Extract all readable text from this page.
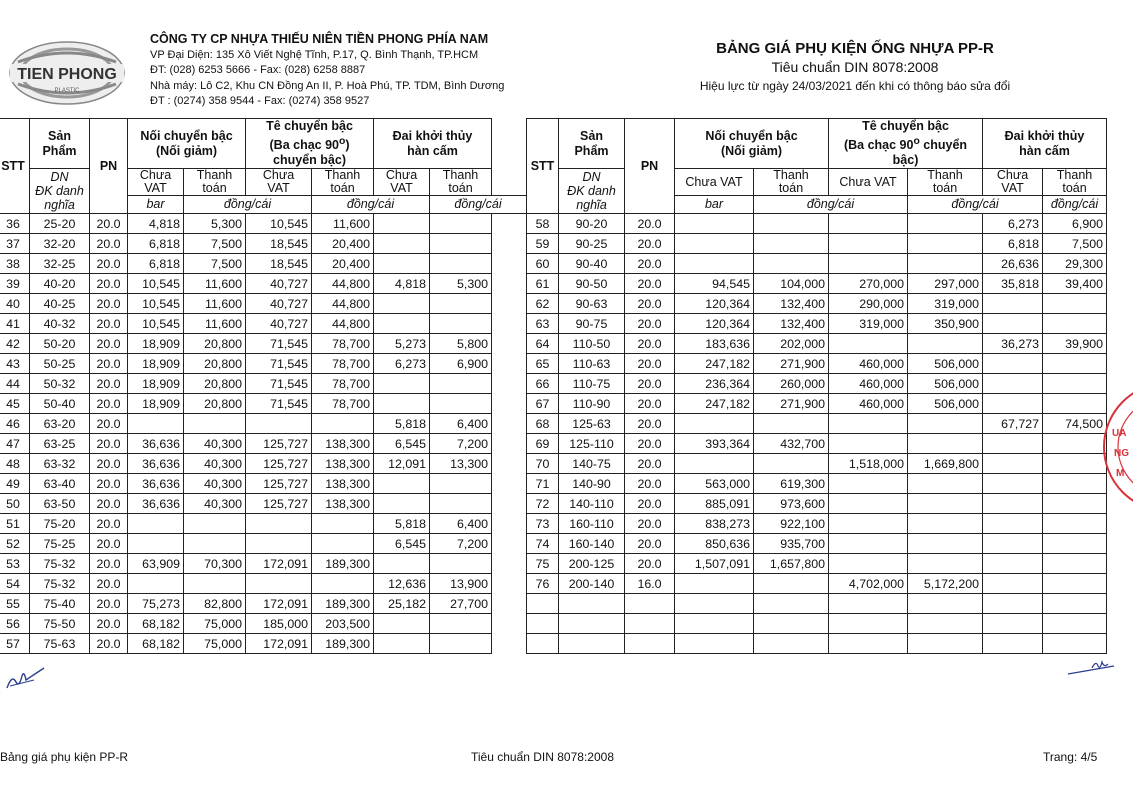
TIEN PHONG
PLASTIC
CÔNG TY CP NHỰA THIẾU NIÊN TIỀN PHONG PHÍA NAM
VP Đại Diện: 135 Xô Viết Nghệ Tĩnh, P.17, Q. Bình Thạnh, TP.HCM
ĐT: (028) 6253 5666 - Fax: (028) 6258 8887
Nhà máy: Lô C2, Khu CN Đồng An II, P. Hoà Phú, TP. TDM, Bình Dương
ĐT : (0274) 358 9544 - Fax: (0274) 358 9527
BẢNG GIÁ PHỤ KIỆN ỐNG NHỰA PP-R
Tiêu chuẩn DIN 8078:2008
Hiệu lực từ ngày 24/03/2021 đến khi có thông báo sửa đổi
STT	Sản Phẩm	PN	Nối chuyển bậc
(Nối giảm)		Tê chuyển bậc
(Ba chạc 90$^o$)
chuyển bậc)		Đai khởi thủy
hàn cấm	
	DN
ĐK danh
nghĩa		Chưa
VAT	Thanh
toán	Chưa
VAT	Thanh
toán	Chưa
VAT	Thanh
toán
			bar	đồng/cái		đồng/cái		đồng/cái
36	25-20	20.0	4,818	5,300	10,545	11,600		
37	32-20	20.0	6,818	7,500	18,545	20,400		
38	32-25	20.0	6,818	7,500	18,545	20,400		
39	40-20	20.0	10,545	11,600	40,727	44,800	4,818	5,300
40	40-25	20.0	10,545	11,600	40,727	44,800		
41	40-32	20.0	10,545	11,600	40,727	44,800		
42	50-20	20.0	18,909	20,800	71,545	78,700	5,273	5,800
43	50-25	20.0	18,909	20,800	71,545	78,700	6,273	6,900
44	50-32	20.0	18,909	20,800	71,545	78,700		
45	50-40	20.0	18,909	20,800	71,545	78,700		
46	63-20	20.0					5,818	6,400
47	63-25	20.0	36,636	40,300	125,727	138,300	6,545	7,200
48	63-32	20.0	36,636	40,300	125,727	138,300	12,091	13,300
49	63-40	20.0	36,636	40,300	125,727	138,300		
50	63-50	20.0	36,636	40,300	125,727	138,300		
51	75-20	20.0					5,818	6,400
52	75-25	20.0					6,545	7,200
53	75-32	20.0	63,909	70,300	172,091	189,300		
54	75-32	20.0					12,636	13,900
55	75-40	20.0	75,273	82,800	172,091	189,300	25,182	27,700
56	75-50	20.0	68,182	75,000	185,000	203,500		
57	75-63	20.0	68,182	75,000	172,091	189,300		
STT	Sản Phẩm	PN	Nối chuyển bậc
(Nối giảm)		Tê chuyển bậc
(Ba chạc 90$^o$ chuyển
bậc)		Đai khởi thủy
hàn cấm	
	DN
ĐK danh
nghĩa		Chưa VAT	Thanh
toán	Chưa VAT	Thanh
toán	Chưa
VAT	Thanh
toán
			bar	đồng/cái		đồng/cái		đồng/cái
58	90-20	20.0					6,273	6,900
59	90-25	20.0					6,818	7,500
60	90-40	20.0					26,636	29,300
61	90-50	20.0	94,545	104,000	270,000	297,000	35,818	39,400
62	90-63	20.0	120,364	132,400	290,000	319,000		
63	90-75	20.0	120,364	132,400	319,000	350,900		
64	110-50	20.0	183,636	202,000			36,273	39,900
65	110-63	20.0	247,182	271,900	460,000	506,000		
66	110-75	20.0	236,364	260,000	460,000	506,000		
67	110-90	20.0	247,182	271,900	460,000	506,000		
68	125-63	20.0					67,727	74,500
69	125-110	20.0	393,364	432,700				
70	140-75	20.0			1,518,000	1,669,800		
71	140-90	20.0	563,000	619,300				
72	140-110	20.0	885,091	973,600				
73	160-110	20.0	838,273	922,100				
74	160-140	20.0	850,636	935,700				
75	200-125	20.0	1,507,091	1,657,800				
76	200-140	16.0			4,702,000	5,172,200		

UA
NG
M
Bảng giá phụ kiện PP-R	Tiêu chuẩn DIN 8078:2008	Trang: 4/5
